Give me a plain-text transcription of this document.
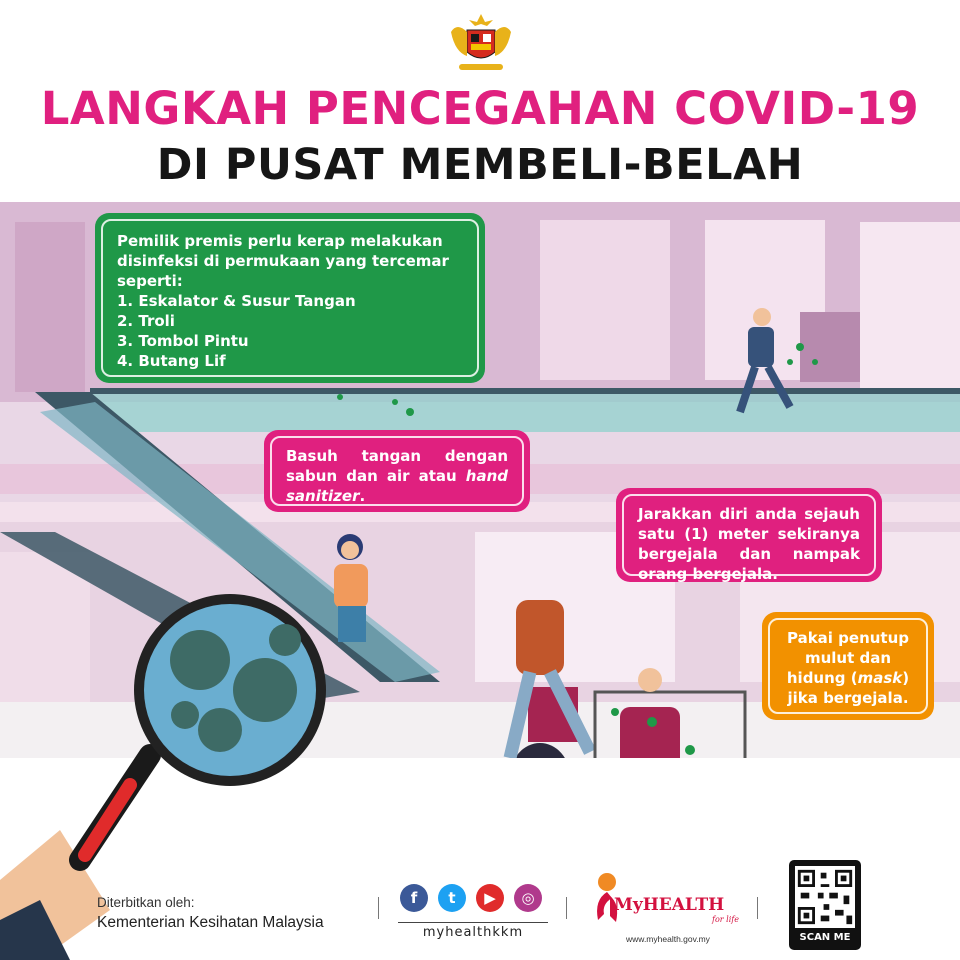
LANGKAH PENCEGAHAN COVID-19
DI PUSAT MEMBELI-BELAH
Pemilik premis perlu kerap melakukan
disinfeksi di permukaan yang tercemar
seperti:
1. Eskalator & Susur Tangan
2. Troli
3. Tombol Pintu
4. Butang Lif
Basuh tangan dengan sabun dan air atau hand sanitizer.
Jarakkan diri anda sejauh satu (1) meter sekiranya bergejala dan nampak orang bergejala.
Pakai penutup mulut dan hidung (mask) jika bergejala.
Diterbitkan oleh:
Kementerian Kesihatan Malaysia
f	t	▶	◎
myhealthkkm
MyHEALTH
for life
www.myhealth.gov.my	SCAN ME
